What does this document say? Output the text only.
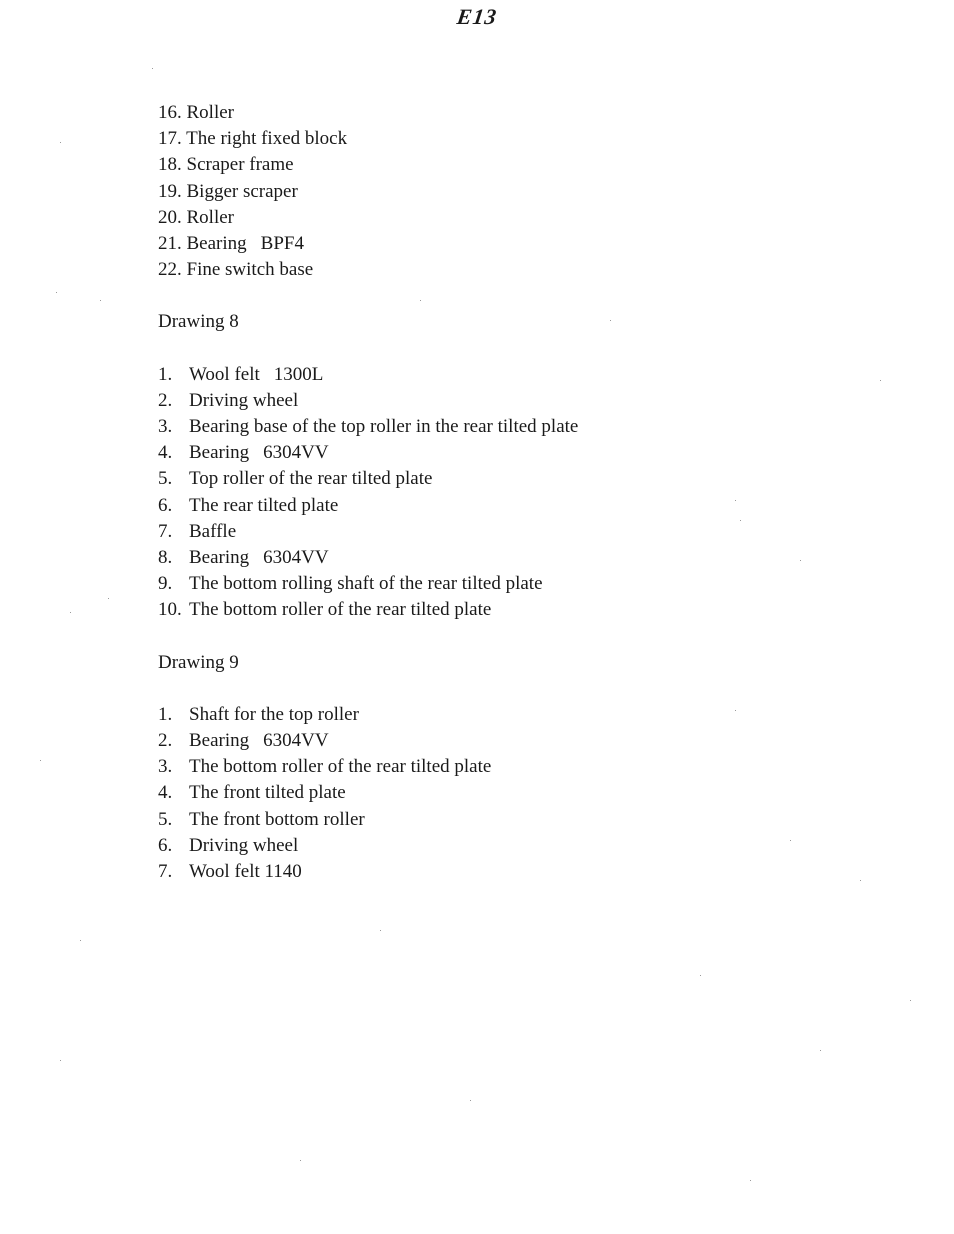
E13
16. Roller
17. The right fixed block
18. Scraper frame
19. Bigger scraper
20. Roller
21. Bearing BPF4
22. Fine switch base
Drawing 8
1. Wool felt 1300L
2. Driving wheel
3. Bearing base of the top roller in the rear tilted plate
4. Bearing 6304VV
5. Top roller of the rear tilted plate
6. The rear tilted plate
7. Baffle
8. Bearing 6304VV
9. The bottom rolling shaft of the rear tilted plate
10. The bottom roller of the rear tilted plate
Drawing 9
1. Shaft for the top roller
2. Bearing 6304VV
3. The bottom roller of the rear tilted plate
4. The front tilted plate
5. The front bottom roller
6. Driving wheel
7. Wool felt 1140
